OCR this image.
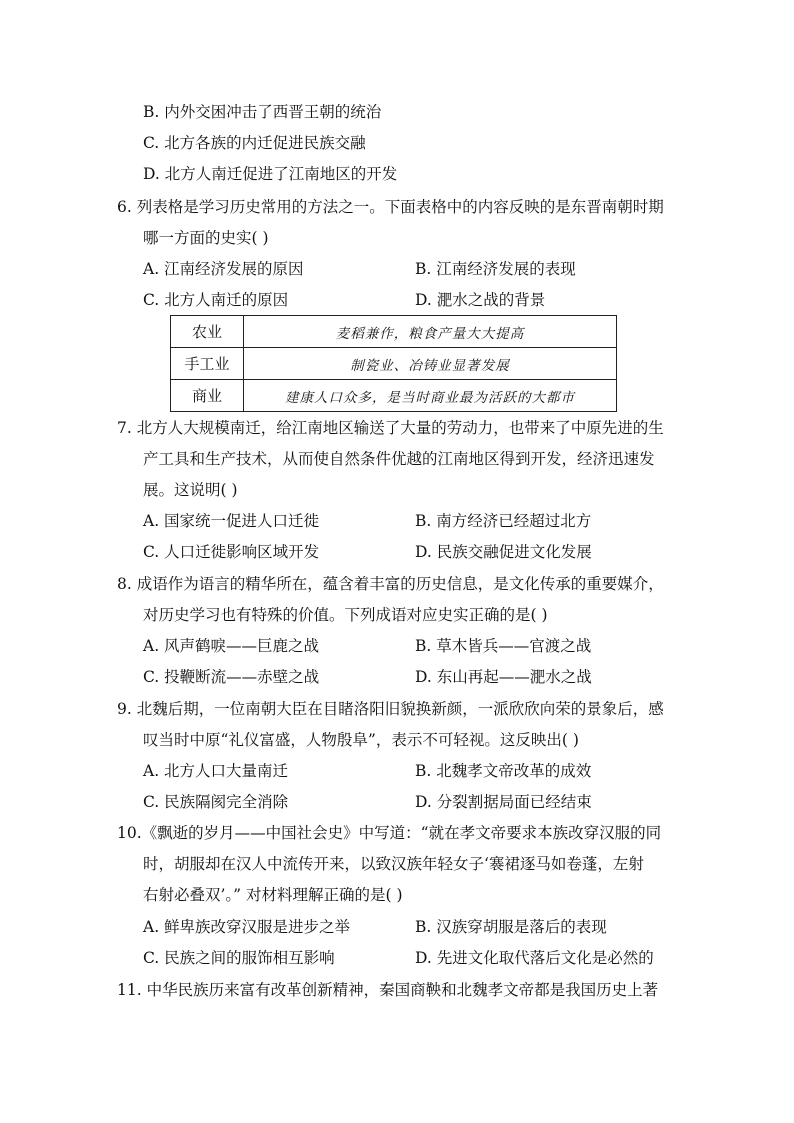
B. 内外交困冲击了西晋王朝的统治
C. 北方各族的内迁促进民族交融
D. 北方人南迁促进了江南地区的开发
6. 列表格是学习历史常用的方法之一。下面表格中的内容反映的是东晋南朝时期
哪一方面的史实( )
A. 江南经济发展的原因	B. 江南经济发展的表现
C. 北方人南迁的原因	D. 淝水之战的背景
农业	麦稻兼作，粮食产量大大提高
手工业	制瓷业、冶铸业显著发展
商业	建康人口众多，是当时商业最为活跃的大都市
7. 北方人大规模南迁，给江南地区输送了大量的劳动力，也带来了中原先进的生
产工具和生产技术，从而使自然条件优越的江南地区得到开发，经济迅速发
展。这说明( )
A. 国家统一促进人口迁徙	B. 南方经济已经超过北方
C. 人口迁徙影响区域开发	D. 民族交融促进文化发展
8. 成语作为语言的精华所在，蕴含着丰富的历史信息，是文化传承的重要媒介，
对历史学习也有特殊的价值。下列成语对应史实正确的是( )
A. 风声鹤唳——巨鹿之战	B. 草木皆兵——官渡之战
C. 投鞭断流——赤壁之战	D. 东山再起——淝水之战
9. 北魏后期，一位南朝大臣在目睹洛阳旧貌换新颜，一派欣欣向荣的景象后，感
叹当时中原“礼仪富盛，人物殷阜”，表示不可轻视。这反映出( )
A. 北方人口大量南迁	B. 北魏孝文帝改革的成效
C. 民族隔阂完全消除	D. 分裂割据局面已经结束
10.《飘逝的岁月——中国社会史》中写道：“就在孝文帝要求本族改穿汉服的同
时，胡服却在汉人中流传开来，以致汉族年轻女子‘褰裙逐马如卷蓬，左射
右射必叠双’。” 对材料理解正确的是( )
A. 鲜卑族改穿汉服是进步之举	B. 汉族穿胡服是落后的表现
C. 民族之间的服饰相互影响	D. 先进文化取代落后文化是必然的
11. 中华民族历来富有改革创新精神，秦国商鞅和北魏孝文帝都是我国历史上著
